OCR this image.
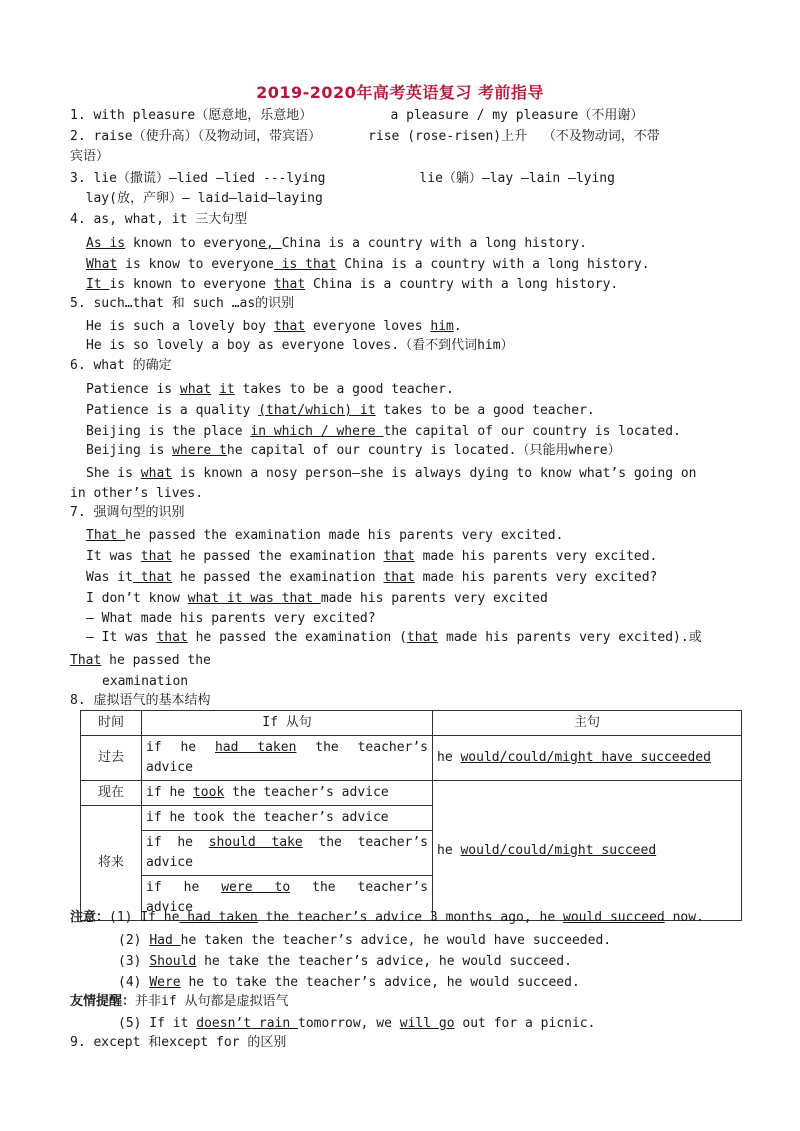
2019-2020年高考英语复习 考前指导
1. with pleasure（愿意地，乐意地）          a pleasure / my pleasure（不用谢）
2. raise（使升高）（及物动词，带宾语）      rise (rose-risen)上升  （不及物动词，不带
宾语）
3. lie（撒谎）—lied —lied ---lying            lie（躺）—lay —lain —lying
lay(放，产卵）— laid—laid—laying
4. as, what, it 三大句型
As is known to everyone, China is a country with a long history.
What is know to everyone is that China is a country with a long history.
It is known to everyone that China is a country with a long history.
5. such…that 和 such …as的识别
He is such a lovely boy that everyone loves him.
He is so lovely a boy as everyone loves.（看不到代词him）
6. what 的确定
Patience is what it takes to be a good teacher.
Patience is a quality (that/which) it takes to be a good teacher.
Beijing is the place in which / where the capital of our country is located.
Beijing is where the capital of our country is located.（只能用where）
She is what is known a nosy person—she is always dying to know what’s going on
in other’s lives.
7. 强调句型的识别
That he passed the examination made his parents very excited.
It was that he passed the examination that made his parents very excited.
Was it that he passed the examination that made his parents very excited?
I don’t know what it was that made his parents very excited
— What made his parents very excited?
— It was that he passed the examination (that made his parents very excited).或
That he passed the
examination
8. 虚拟语气的基本结构
时间	If 从句	主句
过去	if he had taken the teacher’s
advice	he would/could/might have succeeded
现在	if he took the teacher’s advice	he would/could/might succeed
将来	if he took the teacher’s advice
if he should take the teacher’s
advice
if he were to the teacher’s
advice	
注意：(1) If he had taken the teacher’s advice 3 months ago, he would succeed now.
(2) Had he taken the teacher’s advice, he would have succeeded.
(3) Should he take the teacher’s advice, he would succeed.
(4) Were he to take the teacher’s advice, he would succeed.
友情提醒：并非if 从句都是虚拟语气
(5) If it doesn’t rain tomorrow, we will go out for a picnic.
9. except 和except for 的区别
